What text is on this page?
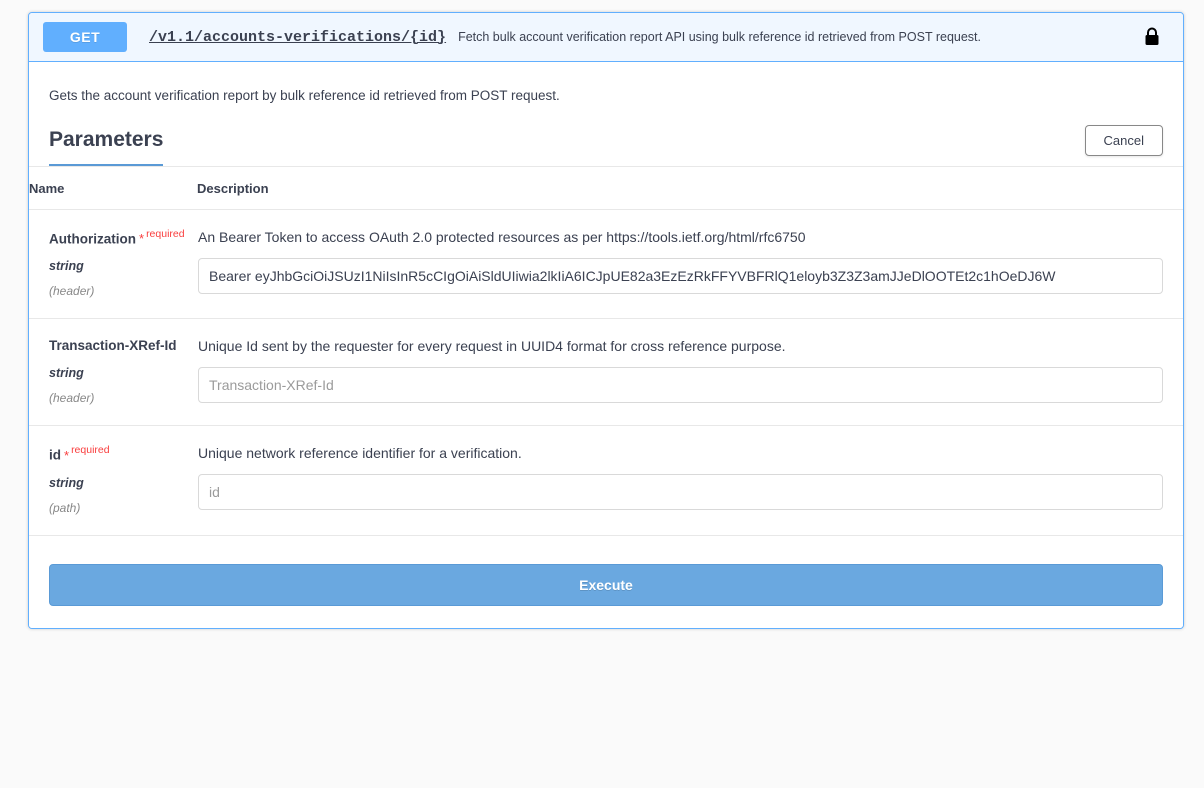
GET	/v1.1/accounts-verifications/{id} Fetch bulk account verification report API using bulk reference id retrieved from POST request.

Gets the account verification report by bulk reference id retrieved from POST request.

Parameters	Cancel
Name	Description

Authorization * $^{required}$
string
(header)	An Bearer Token to access OAuth 2.0 protected resources as per https://tools.ietf.org/html/rfc6750
Bearer eyJhbGciOiJSUzI1NiIsInR5cCIgOiAiSldUIiwia2lkIiA6ICJpUE82a3EzEzRkFFYVBFRlQ1eloyb3Z3Z3amJJeDlOOTEt2c1hOeDJ6W

Transaction-XRef-Id
string
(header)	Unique Id sent by the requester for every request in UUID4 format for cross reference purpose.
Transaction-XRef-Id

id * $^{required}$
string
(path)	Unique network reference identifier for a verification.
id
Execute
